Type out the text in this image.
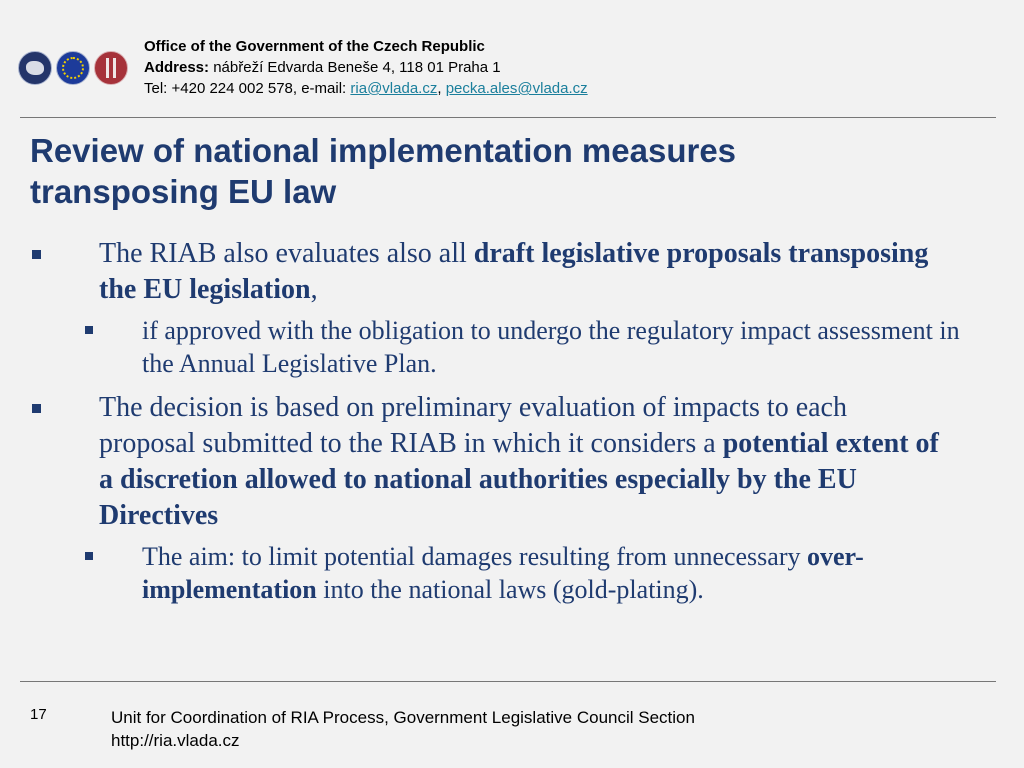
Office of the Government of the Czech Republic
Address: nábřeží Edvarda Beneše 4, 118 01 Praha 1
Tel: +420 224 002 578, e-mail: ria@vlada.cz, pecka.ales@vlada.cz
Review of national implementation measures
transposing EU law
The RIAB also evaluates also all draft legislative proposals transposing the EU legislation,
if approved with the obligation to undergo the regulatory impact assessment in the Annual Legislative Plan.
The decision is based on preliminary evaluation of impacts to each proposal submitted to the RIAB in which it considers a potential extent of a discretion allowed to national authorities especially by the EU Directives
The aim: to limit potential damages resulting from unnecessary over-implementation into the national laws (gold-plating).
17	Unit for Coordination of RIA Process, Government Legislative Council Section
http://ria.vlada.cz
